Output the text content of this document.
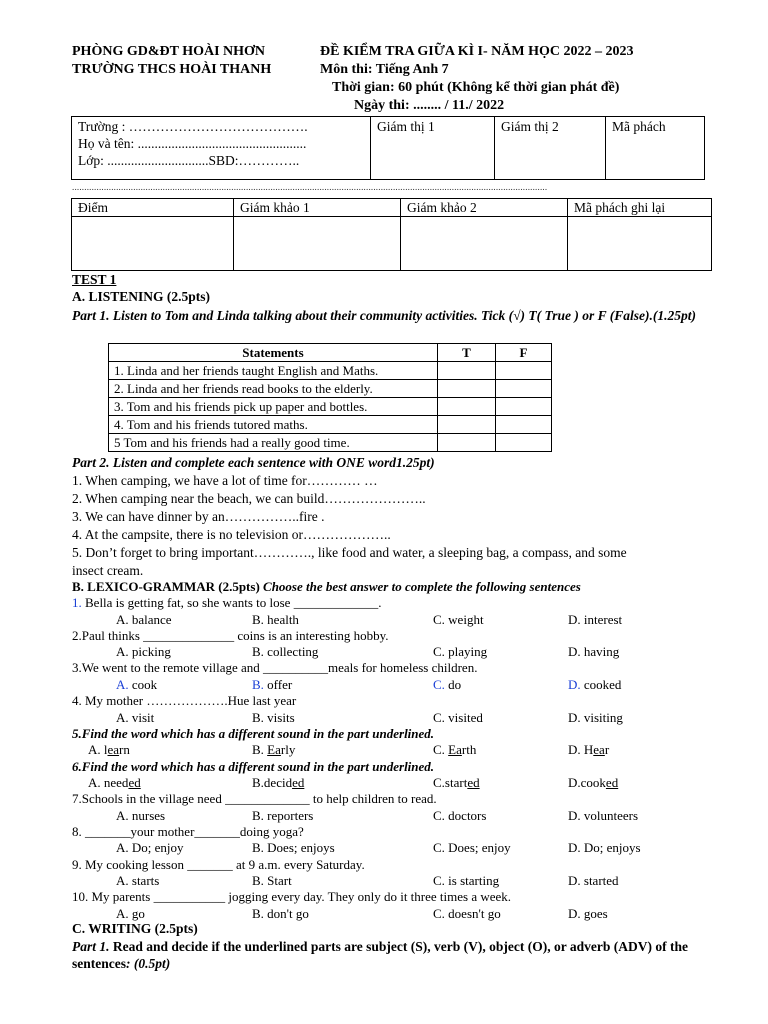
PHÒNG GD&ĐT HOÀI NHƠN
TRƯỜNG THCS HOÀI THANH
ĐỀ KIỂM TRA GIỮA KÌ I- NĂM HỌC 2022 – 2023
Môn thi: Tiếng Anh 7
Thời gian: 60 phút (Không kể thời gian phát đề)
Ngày thi: ........ / 11./ 2022
Trường : ………………………………….
Họ và tên: ..................................................
Lớp: ..............................SBD:…………..
	Giám thị 1	Giám thị 2	Mã phách
..................................................................................................................................................................................................
Điểm	Giám khảo 1	Giám khảo 2	Mã phách ghi lại

TEST 1
A. LISTENING (2.5pts)
Part 1. Listen to Tom and Linda talking about their community activities. Tick (√) T( True ) or F (False).(1.25pt)
Statements	T	F
1. Linda and her friends taught English and Maths.		
2. Linda and her friends read books to the elderly.		
3. Tom and his friends pick up paper and bottles.		
4. Tom and his friends tutored maths.		
5 Tom and his friends had a really good time.		
Part 2. Listen and complete each sentence with ONE word1.25pt)
1. When camping, we have a lot of time for………… …
2. When camping near the beach, we can build…………………..
3. We can have dinner by an……………..fire .
4. At the campsite, there is no television or………………..
5. Don’t forget to bring important…………., like food and water, a sleeping bag, a compass, and some
insect cream.
B. LEXICO-GRAMMAR (2.5pts) Choose the best answer to complete the following sentences
1. Bella is getting fat, so she wants to lose _____________.
A. balance	B. health	C. weight	D. interest
2.Paul thinks ______________ coins is an interesting hobby.
A. picking	B. collecting	C. playing	D. having
3.We went to the remote village and __________meals for homeless children.
A. cook	B. offer	C. do	D. cooked
4. My mother ……………….Hue last year
A. visit	B. visits	C. visited	D. visiting
5.Find the word which has a different sound in the part underlined.
A. learn	B. Early	C. Earth	D. Hear
6.Find the word which has a different sound in the part underlined.
A. needed	B.decided	C.started	D.cooked
7.Schools in the village need _____________ to help children to read.
A. nurses	B. reporters	C. doctors	D. volunteers
8. _______your mother_______doing yoga?
A. Do; enjoy	B. Does; enjoys	C. Does; enjoy	D. Do; enjoys
9. My cooking lesson _______ at 9 a.m. every Saturday.
A. starts	B. Start	C. is starting	D. started
10. My parents ___________ jogging every day. They only do it three times a week.
A. go	B. don't go	C. doesn't go	D. goes
C. WRITING (2.5pts)
Part 1. Read and decide if the underlined parts are subject (S), verb (V), object (O), or adverb (ADV) of the sentences: (0.5pt)
